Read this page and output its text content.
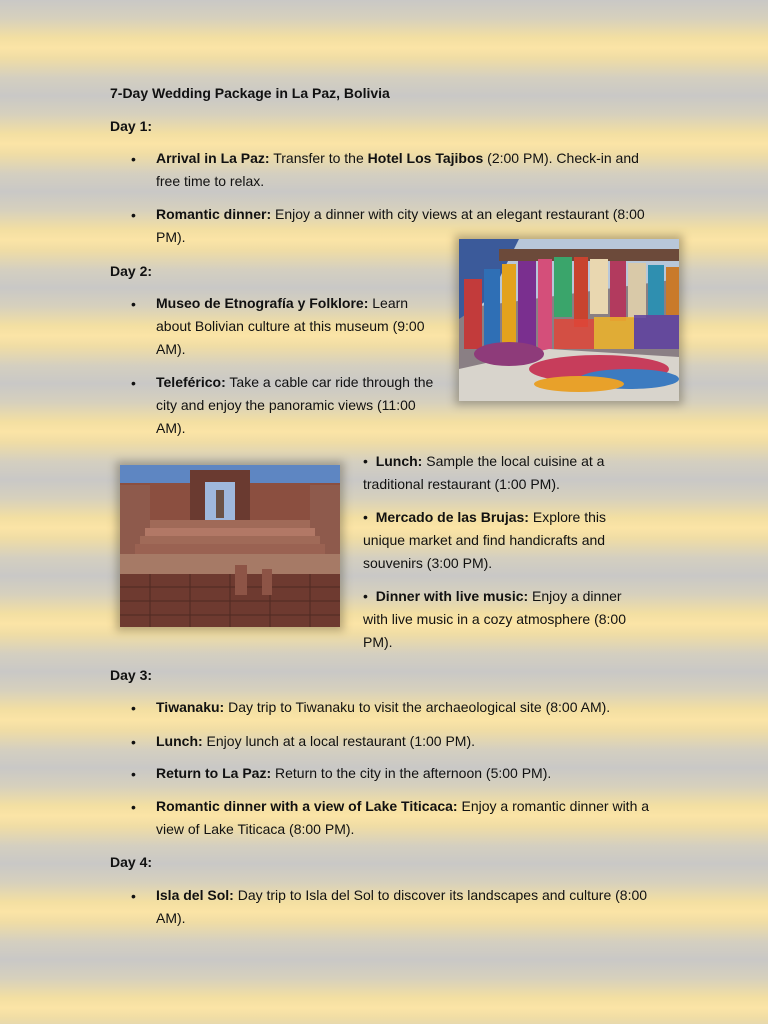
7-Day Wedding Package in La Paz, Bolivia

Day 1:

• Arrival in La Paz: Transfer to the Hotel Los Tajibos (2:00 PM). Check-in and free time to relax.

• Romantic dinner: Enjoy a dinner with city views at an elegant restaurant (8:00 PM).

Day 2:

• Museo de Etnografía y Folklore: Learn about Bolivian culture at this museum (9:00 AM).

• Teleférico: Take a cable car ride through the city and enjoy the panoramic views (11:00 AM).

•  Lunch: Sample the local cuisine at a traditional restaurant (1:00 PM).

•  Mercado de las Brujas: Explore this unique market and find handicrafts and souvenirs (3:00 PM).

•  Dinner with live music: Enjoy a dinner with live music in a cozy atmosphere (8:00 PM).

Day 3:

• Tiwanaku: Day trip to Tiwanaku to visit the archaeological site (8:00 AM).

• Lunch: Enjoy lunch at a local restaurant (1:00 PM).

• Return to La Paz: Return to the city in the afternoon (5:00 PM).

• Romantic dinner with a view of Lake Titicaca: Enjoy a romantic dinner with a view of Lake Titicaca (8:00 PM).

Day 4:

• Isla del Sol: Day trip to Isla del Sol to discover its landscapes and culture (8:00 AM).
